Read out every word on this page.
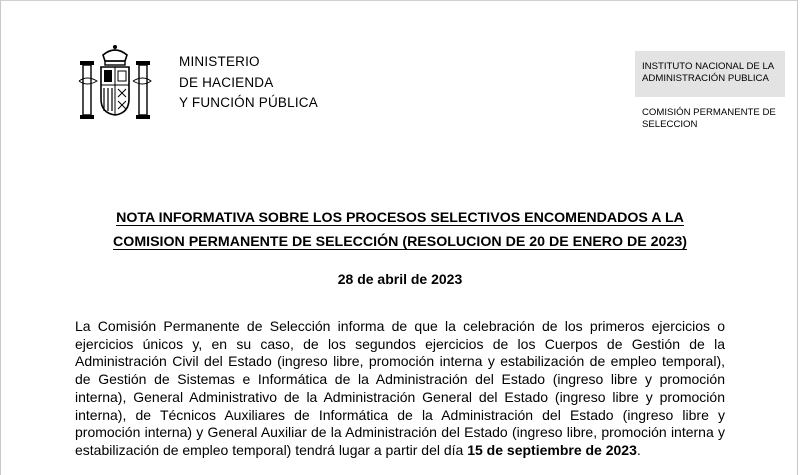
MINISTERIO
DE HACIENDA
Y FUNCIÓN PÚBLICA
INSTITUTO NACIONAL DE LA
ADMINISTRACIÓN PUBLICA
COMISIÓN PERMANENTE DE
SELECCION
NOTA INFORMATIVA SOBRE LOS PROCESOS SELECTIVOS ENCOMENDADOS A LA
COMISION PERMANENTE DE SELECCIÓN (RESOLUCION DE 20 DE ENERO DE 2023)
28 de abril de 2023
La Comisión Permanente de Selección informa de que la celebración de los primeros ejercicios o ejercicios únicos y, en su caso, de los segundos ejercicios de los Cuerpos de Gestión de la Administración Civil del Estado (ingreso libre, promoción interna y estabilización de empleo temporal), de Gestión de Sistemas e Informática de la Administración del Estado (ingreso libre y promoción interna), General Administrativo de la Administración General del Estado (ingreso libre y promoción interna), de Técnicos Auxiliares de Informática de la Administración del Estado (ingreso libre y promoción interna) y General Auxiliar de la Administración del Estado (ingreso libre, promoción interna y estabilización de empleo temporal) tendrá lugar a partir del día 15 de septiembre de 2023.
